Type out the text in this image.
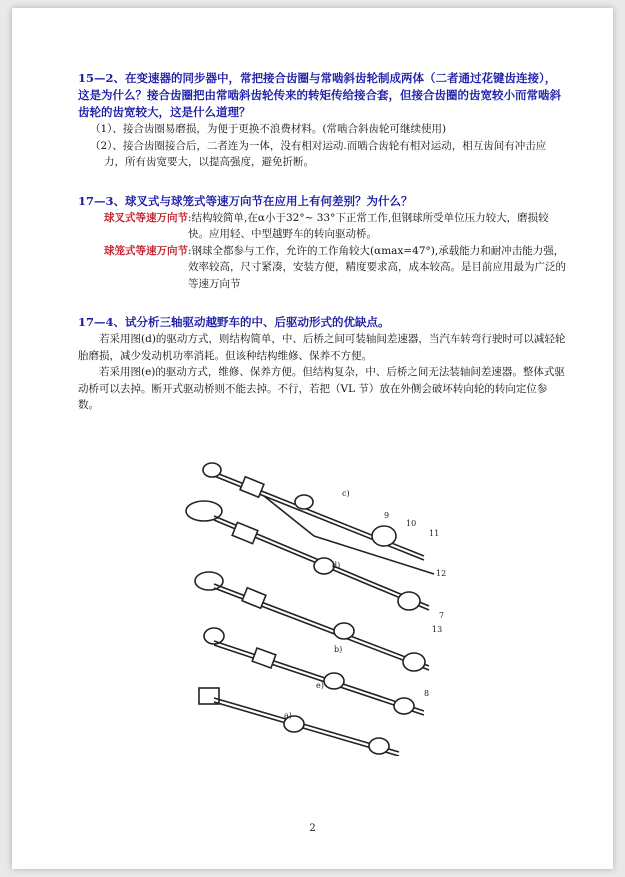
15—2、在变速器的同步器中，常把接合齿圈与常啮斜齿轮制成两体（二者通过花键齿连接），这是为什么？接合齿圈把由常啮斜齿轮传来的转矩传给接合套，但接合齿圈的齿宽较小而常啮斜齿轮的齿宽较大，这是什么道理？

（1）、接合齿圈易磨损，为便于更换不浪费材料。(常啮合斜齿轮可继续使用)

（2）、接合齿圈接合后，二者连为一体，没有相对运动.而啮合齿轮有相对运动，相互齿间有冲击应力，所有齿宽要大，以提高强度，避免折断。

17—3、球叉式与球笼式等速万向节在应用上有何差别？为什么？

球叉式等速万向节 :结构较简单,在α小于32°~ 33°下正常工作,但钢球所受单位压力较大，磨损较快。应用轻、中型越野车的转向驱动桥。
球笼式等速万向节 :钢球全都参与工作，允许的工作角较大(αmax=47°),承载能力和耐冲击能力强，效率较高，尺寸紧凑，安装方便，精度要求高，成本较高。是目前应用最为广泛的等速万向节

17—4、试分析三轴驱动越野车的中、后驱动形式的优缺点。

若采用图(d)的驱动方式，则结构简单，中、后桥之间可装轴间差速器，当汽车转弯行驶时可以减轻轮胎磨损，减少发动机功率消耗。但该种结构维修、保养不方便。

若采用图(e)的驱动方式，维修、保养方便。但结构复杂，中、后桥之间无法装轴间差速器。整体式驱动桥可以去掉。断开式驱动桥则不能去掉。不行，若把（VL 节）放在外侧会破坏转向轮的转向定位参数。

c)
d)
b)
e)
a)
7
8
9
10
11
12
13
2
